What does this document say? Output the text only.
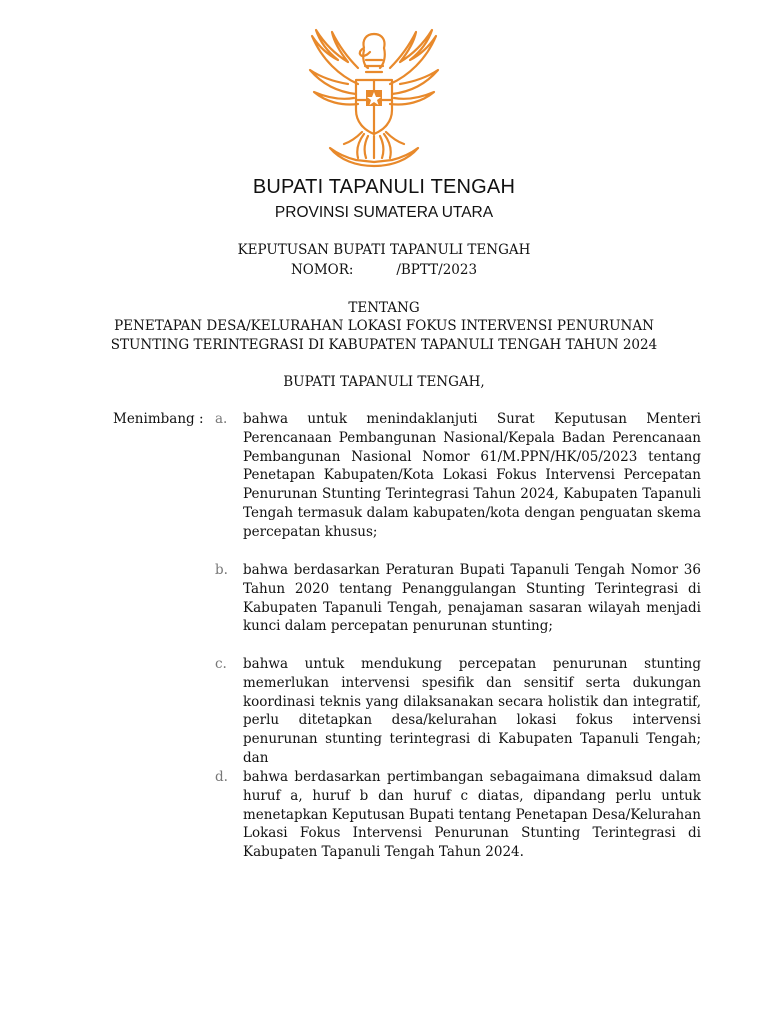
BUPATI TAPANULI TENGAH
PROVINSI SUMATERA UTARA
KEPUTUSAN BUPATI TAPANULI TENGAH
NOMOR:          /BPTT/2023
TENTANG
PENETAPAN DESA/KELURAHAN LOKASI FOKUS INTERVENSI PENURUNAN
STUNTING TERINTEGRASI DI KABUPATEN TAPANULI TENGAH TAHUN 2024
BUPATI TAPANULI TENGAH,
Menimbang : a. bahwa untuk menindaklanjuti Surat Keputusan Menteri Perencanaan Pembangunan Nasional/Kepala Badan Perencanaan Pembangunan Nasional Nomor 61/M.PPN/HK/05/2023 tentang Penetapan Kabupaten/Kota Lokasi Fokus Intervensi Percepatan Penurunan Stunting Terintegrasi Tahun 2024, Kabupaten Tapanuli Tengah termasuk dalam kabupaten/kota dengan penguatan skema percepatan khusus;
b. bahwa berdasarkan Peraturan Bupati Tapanuli Tengah Nomor 36 Tahun 2020 tentang Penanggulangan Stunting Terintegrasi di Kabupaten Tapanuli Tengah, penajaman sasaran wilayah menjadi kunci dalam percepatan penurunan stunting;
c. bahwa untuk mendukung percepatan penurunan stunting memerlukan intervensi spesifik dan sensitif serta dukungan koordinasi teknis yang dilaksanakan secara holistik dan integratif, perlu ditetapkan desa/kelurahan lokasi fokus intervensi penurunan stunting terintegrasi di Kabupaten Tapanuli Tengah; dan
d. bahwa berdasarkan pertimbangan sebagaimana dimaksud dalam huruf a, huruf b dan huruf c diatas, dipandang perlu untuk menetapkan Keputusan Bupati tentang Penetapan Desa/Kelurahan Lokasi Fokus Intervensi Penurunan Stunting Terintegrasi di Kabupaten Tapanuli Tengah Tahun 2024.
